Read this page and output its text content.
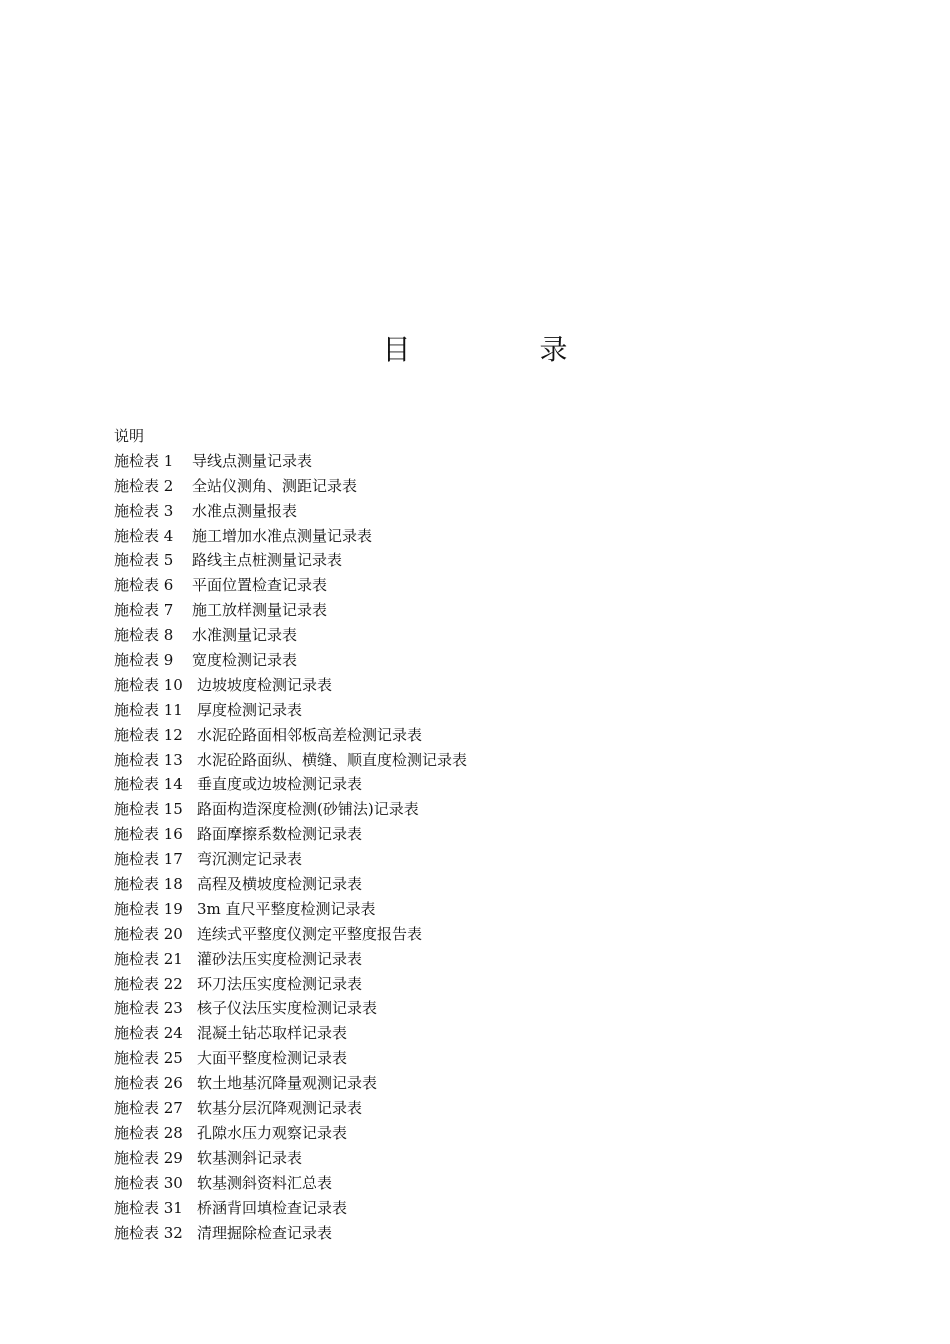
目 录
说明
施检表 1	导线点测量记录表
施检表 2	全站仪测角、测距记录表
施检表 3	水准点测量报表
施检表 4	施工增加水准点测量记录表
施检表 5	路线主点桩测量记录表
施检表 6	平面位置检查记录表
施检表 7	施工放样测量记录表
施检表 8	水准测量记录表
施检表 9	宽度检测记录表
施检表 10 边坡坡度检测记录表
施检表 11 厚度检测记录表
施检表 12 水泥砼路面相邻板高差检测记录表
施检表 13 水泥砼路面纵、横缝、顺直度检测记录表
施检表 14 垂直度或边坡检测记录表
施检表 15 路面构造深度检测(砂铺法)记录表
施检表 16 路面摩擦系数检测记录表
施检表 17 弯沉测定记录表
施检表 18 高程及横坡度检测记录表
施检表 19 3m 直尺平整度检测记录表
施检表 20 连续式平整度仪测定平整度报告表
施检表 21 灌砂法压实度检测记录表
施检表 22 环刀法压实度检测记录表
施检表 23 核子仪法压实度检测记录表
施检表 24 混凝土钻芯取样记录表
施检表 25 大面平整度检测记录表
施检表 26 软土地基沉降量观测记录表
施检表 27 软基分层沉降观测记录表
施检表 28 孔隙水压力观察记录表
施检表 29 软基测斜记录表
施检表 30 软基测斜资料汇总表
施检表 31 桥涵背回填检查记录表
施检表 32 清理掘除检查记录表
